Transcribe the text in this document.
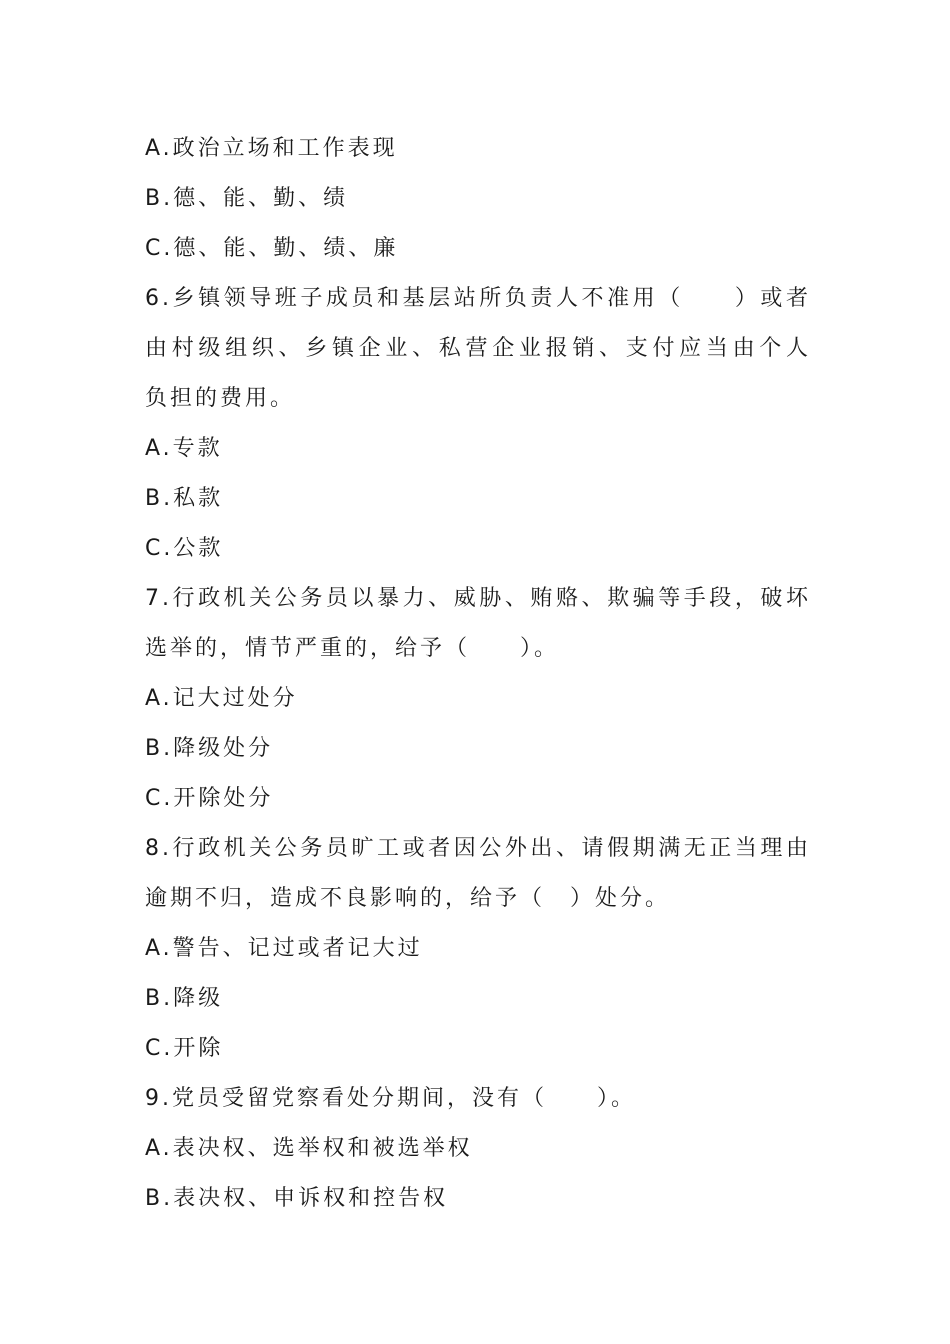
A.政治立场和工作表现
B.德、能、勤、绩
C.德、能、勤、绩、廉
6.乡镇领导班子成员和基层站所负责人不准用（　　）或者
由村级组织、乡镇企业、私营企业报销、支付应当由个人
负担的费用。
A.专款
B.私款
C.公款
7.行政机关公务员以暴力、威胁、贿赂、欺骗等手段，破坏
选举的，情节严重的，给予（　　）。
A.记大过处分
B.降级处分
C.开除处分
8.行政机关公务员旷工或者因公外出、请假期满无正当理由
逾期不归，造成不良影响的，给予（　）处分。
A.警告、记过或者记大过
B.降级
C.开除
9.党员受留党察看处分期间，没有（　　）。
A.表决权、选举权和被选举权
B.表决权、申诉权和控告权
